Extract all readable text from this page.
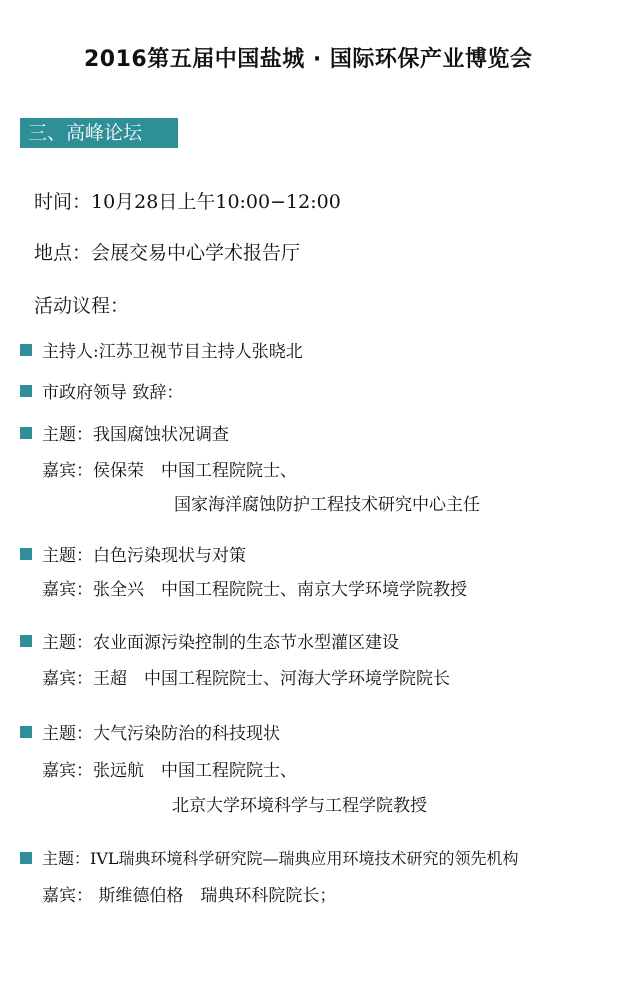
2016第五届中国盐城 · 国际环保产业博览会
三、高峰论坛
时间：10月28日上午10:00−12:00
地点：会展交易中心学术报告厅
活动议程：
主持人:江苏卫视节目主持人张晓北
市政府领导 致辞：
主题：我国腐蚀状况调查
嘉宾：侯保荣　中国工程院院士、
国家海洋腐蚀防护工程技术研究中心主任
主题：白色污染现状与对策
嘉宾：张全兴　中国工程院院士、南京大学环境学院教授
主题：农业面源污染控制的生态节水型灌区建设
嘉宾：王超　中国工程院院士、河海大学环境学院院长
主题：大气污染防治的科技现状
嘉宾：张远航　中国工程院院士、
北京大学环境科学与工程学院教授
主题：IVL瑞典环境科学研究院—瑞典应用环境技术研究的领先机构
嘉宾： 斯维德伯格　瑞典环科院院长；
